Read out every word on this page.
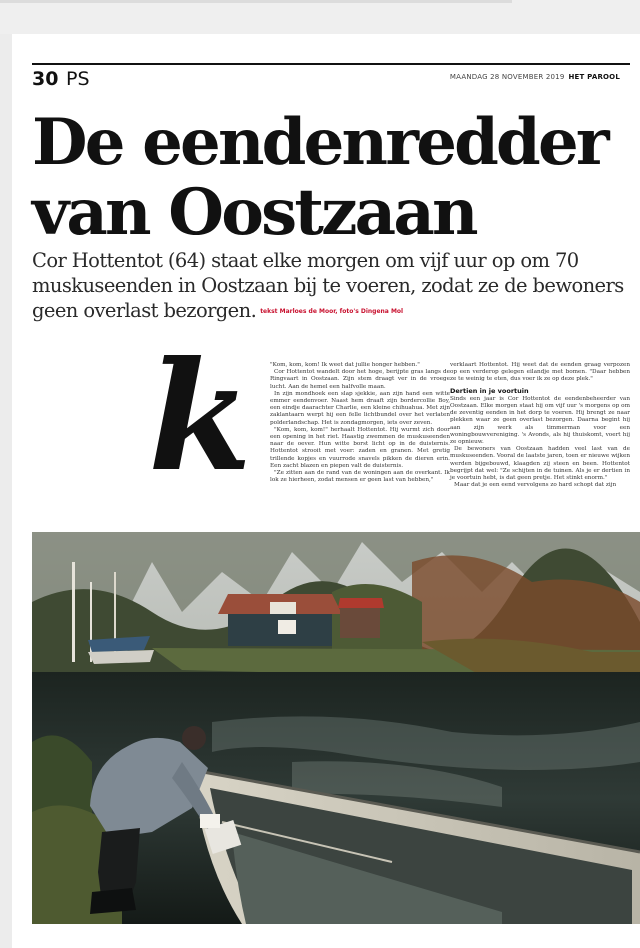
30 PS	MAANDAG 28 NOVEMBER 2019 HET PAROOL
De eendenredder
van Oostzaan
Cor Hottentot (64) staat elke morgen om vijf uur op om 70 muskuseenden in Oostzaan bij te voeren, zodat ze de bewoners geen overlast bezorgen. tekst Marloes de Moor, foto's Dingena Mol
k	"Kom, kom, kom! Ik weet dat jullie honger hebben."

Cor Hottentot wandelt door het hoge, berijpte gras langs de Ringvaart in Oostzaan. Zijn stem draagt ver in de vroege lucht. Aan de hemel een halfvolle maan.

In zijn mondhoek een slap sjekkie, aan zijn hand een witte emmer eendenvoer. Naast hem draaft zijn bordercollie Boy, een eindje daarachter Charlie, een kleine chihuahua. Met zijn zaklantaarn werpt hij een felle lichtbundel over het verlaten polderlandschap. Het is zondagmorgen, iets over zeven.

"Kom, kom, kom!" herhaalt Hottentot. Hij wurmt zich door een opening in het riet. Haastig zwemmen de muskuseenden naar de oever. Hun witte borst licht op in de duisternis. Hottentot strooit met voer: zaden en granen. Met gretig trillende kopjes en vuurrode snavels pikken de dieren erin. Een zacht blazen en piepen valt de duisternis.

"Ze zitten aan de rand van de woningen aan de overkant. Ik lok ze hierheen, zodat mensen er geen last van hebben,"

verklaart Hottentot. Hij weet dat de eenden graag verpozen op een verderop gelegen eilandje met bomen. "Daar hebben ze te weinig te eten, dus voer ik ze op deze plek."

Dertien in je voortuin

Sinds een jaar is Cor Hottentot de eendenbeheerder van Oostzaan. Elke morgen staat hij om vijf uur 's morgens op om de zeventig eenden in het dorp te voeren. Hij brengt ze naar plekken waar ze geen overlast bezorgen. Daarna begint hij aan zijn werk als timmerman voor een woningbouwvereniging. 's Avonds, als hij thuiskomt, voert hij ze opnieuw.

De bewoners van Oostzaan hadden veel last van de muskuseenden. Vooral de laatste jaren, toen er nieuwe wijken werden bijgebouwd, klaagden zij steen en been. Hottentot begrijpt dat wel: "Ze schijten in de tuinen. Als je er dertien in je voortuin hebt, is dat geen pretje. Het stinkt enorm."

Maar dat je een eend vervolgens zo hard schopt dat zijn
